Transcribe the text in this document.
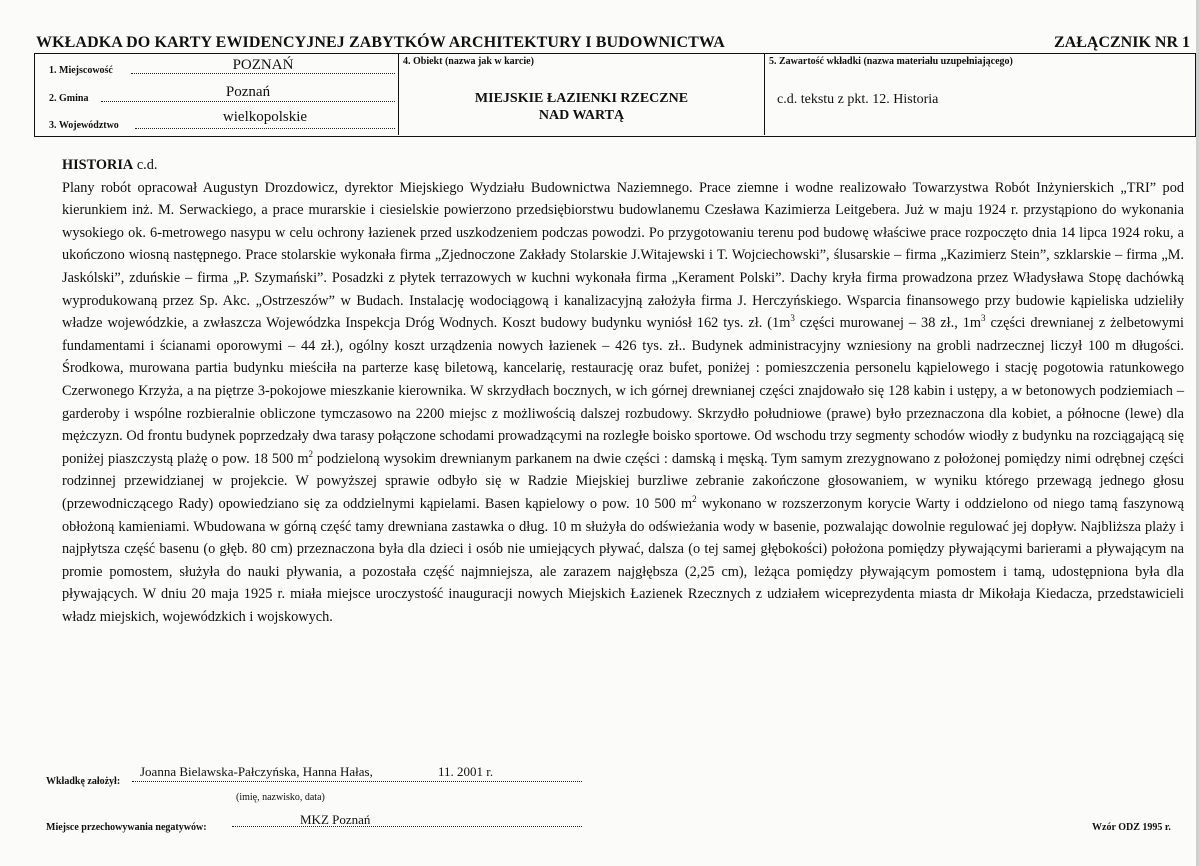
WKŁADKA DO KARTY EWIDENCYJNEJ ZABYTKÓW ARCHITEKTURY I BUDOWNICTWA	ZAŁĄCZNIK NR 1
1. Miejscowość	POZNAŃ
2. Gmina	Poznań
3. Województwo
wielkopolskie
4. Obiekt (nazwa jak w karcie)
MIEJSKIE ŁAZIENKI RZECZNE
NAD WARTĄ
5. Zawartość wkładki (nazwa materiału uzupełniającego)
c.d. tekstu z pkt. 12. Historia
HISTORIA c.d.
Plany robót opracował Augustyn Drozdowicz, dyrektor Miejskiego Wydziału Budownictwa Naziemnego. Prace ziemne i wodne realizowało Towarzystwa Robót Inżynierskich „TRI” pod kierunkiem inż. M. Serwackiego, a prace murarskie i ciesielskie powierzono przedsiębiorstwu budowlanemu Czesława Kazimierza Leitgebera. Już w maju 1924 r. przystąpiono do wykonania wysokiego ok. 6-metrowego nasypu w celu ochrony łazienek przed uszkodzeniem podczas powodzi. Po przygotowaniu terenu pod budowę właściwe prace rozpoczęto dnia 14 lipca 1924 roku, a ukończono wiosną następnego. Prace stolarskie wykonała firma „Zjednoczone Zakłady Stolarskie J.Witajewski i T. Wojciechowski”, ślusarskie – firma „Kazimierz Stein”, szklarskie – firma „M. Jaskólski”, zduńskie – firma „P. Szymański”. Posadzki z płytek terrazowych w kuchni wykonała firma „Kerament Polski”. Dachy kryła firma prowadzona przez Władysława Stopę dachówką wyprodukowaną przez Sp. Akc. „Ostrzeszów” w Budach. Instalację wodociągową i kanalizacyjną założyła firma J. Herczyńskiego. Wsparcia finansowego przy budowie kąpieliska udzieliły władze wojewódzkie, a zwłaszcza Wojewódzka Inspekcja Dróg Wodnych. Koszt budowy budynku wyniósł 162 tys. zł. ($1m^3$ części murowanej – 38 zł., $1m^3$ części drewnianej z żelbetowymi fundamentami i ścianami oporowymi – 44 zł.), ogólny koszt urządzenia nowych łazienek – 426 tys. zł.. Budynek administracyjny wzniesiony na grobli nadrzecznej liczył 100 m długości. Środkowa, murowana partia budynku mieściła na parterze kasę biletową, kancelarię, restaurację oraz bufet, poniżej : pomieszczenia personelu kąpielowego i stację pogotowia ratunkowego Czerwonego Krzyża, a na piętrze 3-pokojowe mieszkanie kierownika. W skrzydłach bocznych, w ich górnej drewnianej części znajdowało się 128 kabin i ustępy, a w betonowych podziemiach – garderoby i wspólne rozbieralnie obliczone tymczasowo na 2200 miejsc z możliwością dalszej rozbudowy. Skrzydło południowe (prawe) było przeznaczona dla kobiet, a północne (lewe) dla mężczyzn. Od frontu budynek poprzedzały dwa tarasy połączone schodami prowadzącymi na rozległe boisko sportowe. Od wschodu trzy segmenty schodów wiodły z budynku na rozciągającą się poniżej piaszczystą plażę o pow. 18 500 $m^2$ podzieloną wysokim drewnianym parkanem na dwie części : damską i męską. Tym samym zrezygnowano z położonej pomiędzy nimi odrębnej części rodzinnej przewidzianej w projekcie. W powyższej sprawie odbyło się w Radzie Miejskiej burzliwe zebranie zakończone głosowaniem, w wyniku którego przewagą jednego głosu (przewodniczącego Rady) opowiedziano się za oddzielnymi kąpielami. Basen kąpielowy o pow. 10 500 $m^2$ wykonano w rozszerzonym korycie Warty i oddzielono od niego tamą faszynową obłożoną kamieniami. Wbudowana w górną część tamy drewniana zastawka o dług. 10 m służyła do odświeżania wody w basenie, pozwalając dowolnie regulować jej dopływ. Najbliższa plaży i najpłytsza część basenu (o głęb. 80 cm) przeznaczona była dla dzieci i osób nie umiejących pływać, dalsza (o tej samej głębokości) położona pomiędzy pływającymi barierami a pływającym na promie pomostem, służyła do nauki pływania, a pozostała część najmniejsza, ale zarazem najgłębsza (2,25 cm), leżąca pomiędzy pływającym pomostem i tamą, udostępniona była dla pływających. W dniu 20 maja 1925 r. miała miejsce uroczystość inauguracji nowych Miejskich Łazienek Rzecznych z udziałem wiceprezydenta miasta dr Mikołaja Kiedacza, przedstawicieli władz miejskich, wojewódzkich i wojskowych.
Wkładkę założył:
Joanna Bielawska-Pałczyńska, Hanna Hałas,	11. 2001 r.
(imię, nazwisko, data)
Miejsce przechowywania negatywów:
MKZ Poznań
Wzór ODZ 1995 r.
